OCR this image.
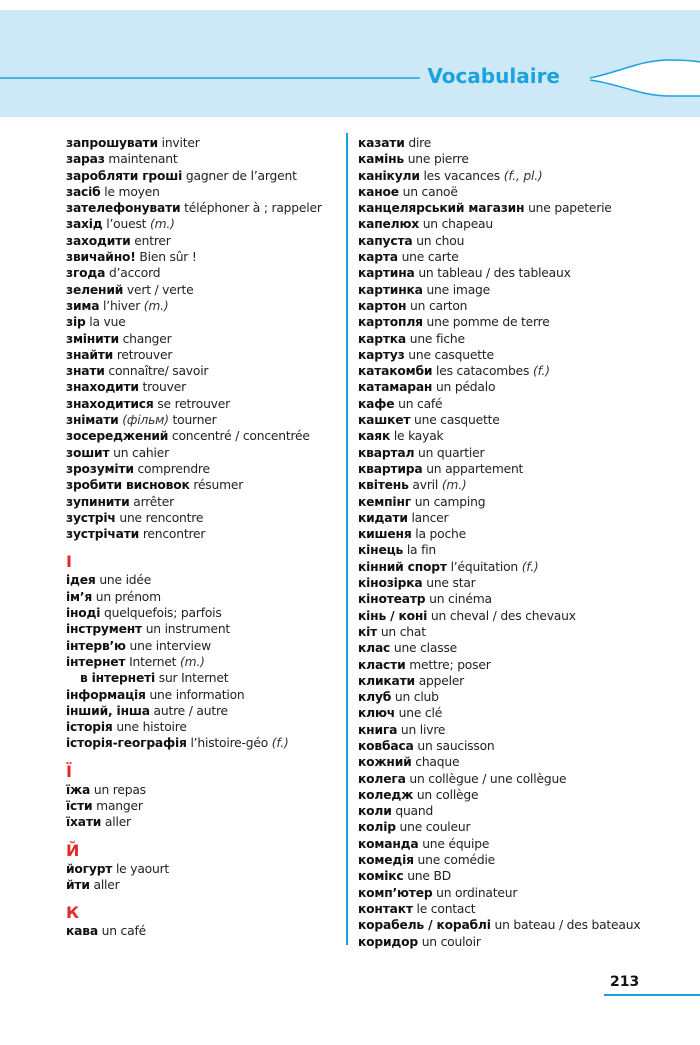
Vocabulaire
запрошувати inviter
зараз maintenant
заробляти гроші gagner de l’argent
засіб le moyen
зателефонувати téléphoner à ; rappeler
захід l’ouest (m.)
заходити entrer
звичайно! Bien sûr !
згода d’accord
зелений vert / verte
зима l’hiver (m.)
зір la vue
змінити changer
знайти retrouver
знати connaître/ savoir
знаходити trouver
знаходитися se retrouver
знімати (фільм) tourner
зосереджений concentré / concentrée
зошит un cahier
зрозуміти comprendre
зробити висновок résumer
зупинити arrêter
зустріч une rencontre
зустрічати rencontrer
І
ідея une idée
ім’я un prénom
іноді quelquefois; parfois
інструмент un instrument
інтерв’ю une interview
інтернет Internet (m.)
в інтернеті sur Internet
інформація une information
інший, інша autre / autre
історія une histoire
історія-географія l’histoire-géo (f.)
Ї
їжа un repas
їсти manger
їхати aller
Й
йогурт le yaourt
йти aller
К
кава un café
казати dire
камінь une pierre
канікули les vacances (f., pl.)
каное un canoë
канцелярський магазин une papeterie
капелюх un chapeau
капуста un chou
карта une carte
картина un tableau / des tableaux
картинка une image
картон un carton
картопля une pomme de terre
картка une fiche
картуз une casquette
катакомби les catacombes (f.)
катамаран un pédalo
кафе un café
кашкет une casquette
каяк le kayak
квартал un quartier
квартира un appartement
квітень avril (m.)
кемпінг un camping
кидати lancer
кишеня la poche
кінець la fin
кінний спорт l’équitation (f.)
кінозірка une star
кінотеатр un cinéma
кінь / коні un cheval / des chevaux
кіт un chat
клас une classe
класти mettre; poser
кликати appeler
клуб un club
ключ une clé
книга un livre
ковбаса un saucisson
кожний chaque
колега un collègue / une collègue
коледж un collège
коли quand
колір une couleur
команда une équipe
комедія une comédie
комікс une BD
комп’ютер un ordinateur
контакт le contact
корабель / кораблі un bateau / des bateaux
коридор un couloir
213
